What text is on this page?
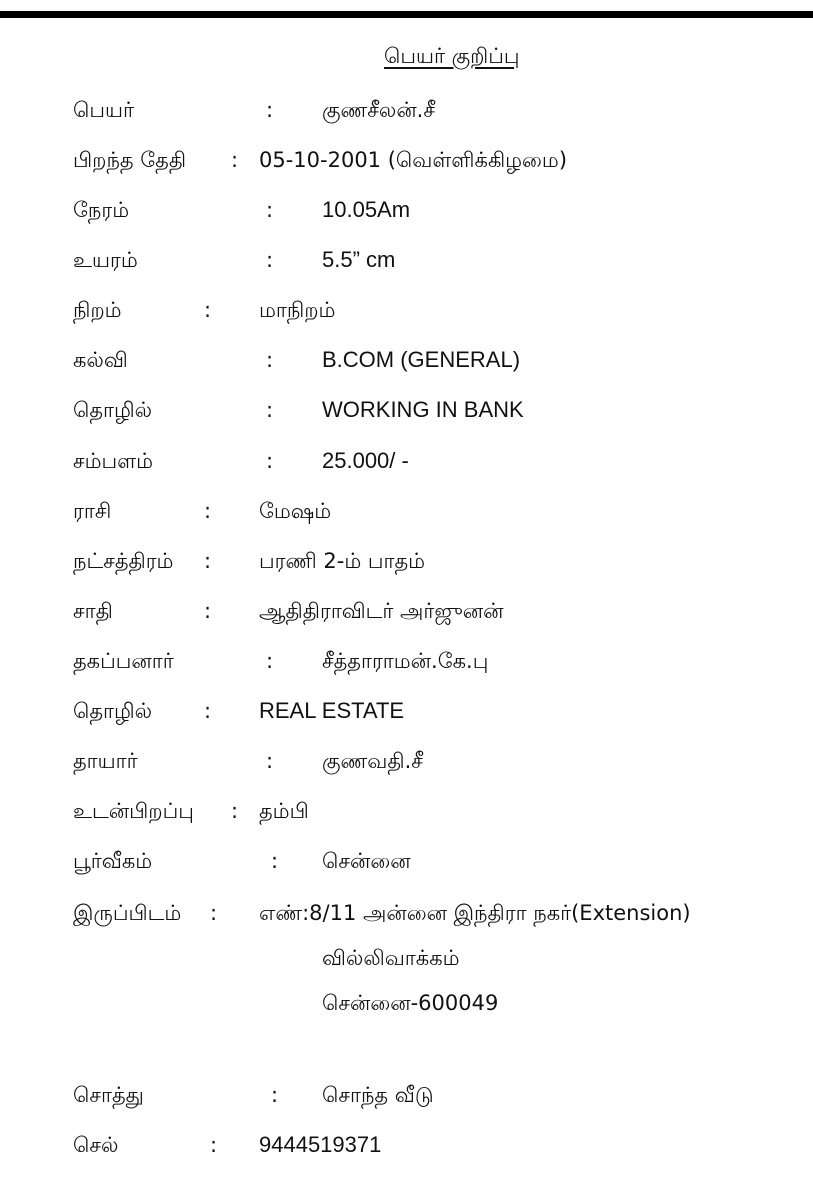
பெயர் குறிப்பு
பெயர்	: குணசீலன்.சீ
பிறந்த தேதி : 05-10-2001 (வெள்ளிக்கிழமை)
நேரம்	: 10.05Am
உயரம்	: 5.5” cm
நிறம்	: மாநிறம்
கல்வி	: B.COM (GENERAL)
தொழில்	: WORKING IN BANK
சம்பளம்	: 25.000/ -
ராசி	: மேஷம்
நட்சத்திரம் : பரணி 2-ம் பாதம்
சாதி	: ஆதிதிராவிடர் அர்ஜுனன்
தகப்பனார்	: சீத்தாராமன்.கே.பு
தொழில் : REAL ESTATE
தாயார்	: குணவதி.சீ
உடன்பிறப்பு : தம்பி
பூர்வீகம்	: சென்னை
இருப்பிடம் : எண்:8/11 அன்னை இந்திரா நகர்(Extension)
வில்லிவாக்கம்
சென்னை-600049
சொத்து	: சொந்த வீடு
செல்	: 9444519371
